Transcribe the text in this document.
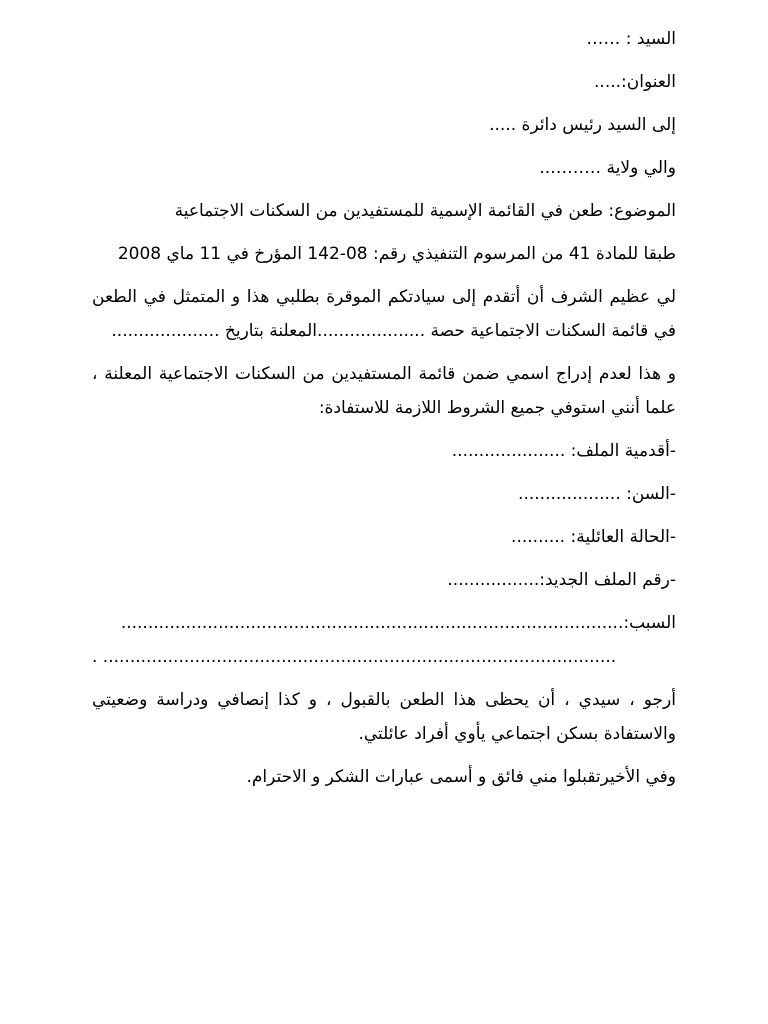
السيد : ……

العنوان:.....

إلى السيد رئيس دائرة .....

والي ولاية ………..

الموضوع: طعن في القائمة الإسمية للمستفيدين من السكنات الاجتماعية

طبقا للمادة 41 من المرسوم التنفيذي رقم: 08-142 المؤرخ في 11 ماي 2008

لي عظيم الشرف أن أتقدم إلى سيادتكم الموقرة بطلبي هذا و المتمثل في الطعن في قائمة السكنات الاجتماعية حصة ....................المعلنة بتاريخ ....................

و هذا لعدم إدراج اسمي ضمن قائمة المستفيدين من السكنات الاجتماعية المعلنة ، علما أنني استوفي جميع الشروط اللازمة للاستفادة:

-أقدمية الملف: .....................

-السن: ...................

-الحالة العائلية: ..........

-رقم الملف الجديد:.................

السبب:.............................................................................................
. ...............................................................................................

أرجو ، سيدي ، أن يحظى هذا الطعن بالقبول ، و كذا إنصافي ودراسة وضعيتي والاستفادة بسكن اجتماعي يأوي أفراد عائلتي.

وفي الأخيرتقبلوا مني فائق و أسمى عبارات الشكر و الاحترام.
